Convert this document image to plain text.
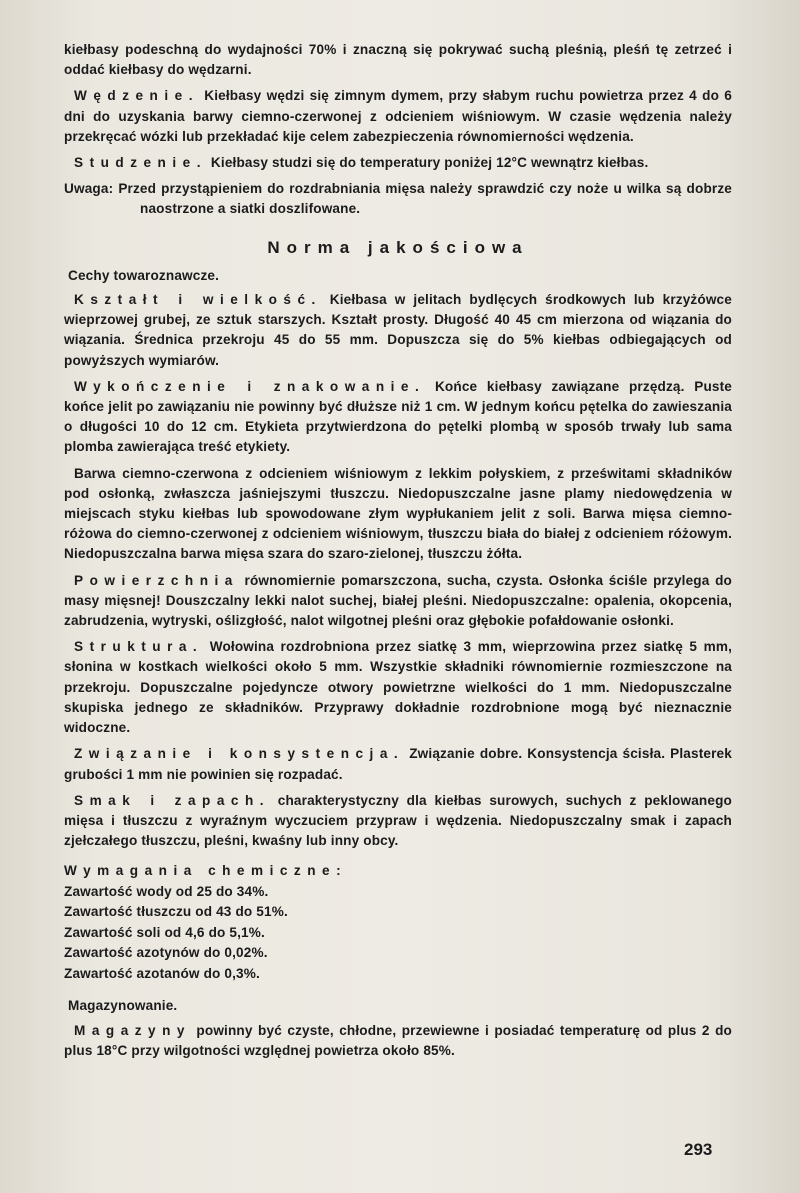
kiełbasy podeschną do wydajności 70% i znaczną się pokrywać suchą pleśnią, pleśń tę zetrzeć i oddać kiełbasy do wędzarni.

Wędzenie. Kiełbasy wędzi się zimnym dymem, przy słabym ruchu powietrza przez 4 do 6 dni do uzyskania barwy ciemno-czerwonej z odcieniem wiśniowym. W czasie wędzenia należy przekręcać wózki lub przekładać kije celem zabezpieczenia równomierności wędzenia.

Studzenie. Kiełbasy studzi się do temperatury poniżej 12°C wewnątrz kiełbas.

Uwaga: Przed przystąpieniem do rozdrabniania mięsa należy sprawdzić czy noże u wilka są dobrze naostrzone a siatki doszlifowane.

Norma jakościowa
Cechy towaroznawcze.

Kształt i wielkość. Kiełbasa w jelitach bydlęcych środkowych lub krzyżówce wieprzowej grubej, ze sztuk starszych. Kształt prosty. Długość 40 45 cm mierzona od wiązania do wiązania. Średnica przekroju 45 do 55 mm. Dopuszcza się do 5% kiełbas odbiegających od powyższych wymiarów.

Wykończenie i znakowanie. Końce kiełbasy zawiązane przędzą. Puste końce jelit po zawiązaniu nie powinny być dłuższe niż 1 cm. W jednym końcu pętelka do zawieszania o długości 10 do 12 cm. Etykieta przytwierdzona do pętelki plombą w sposób trwały lub sama plomba zawierająca treść etykiety.

Barwa ciemno-czerwona z odcieniem wiśniowym z lekkim połyskiem, z prześwitami składników pod osłonką, zwłaszcza jaśniejszymi tłuszczu. Niedopuszczalne jasne plamy niedowędzenia w miejscach styku kiełbas lub spowodowane złym wypłukaniem jelit z soli. Barwa mięsa ciemno-różowa do ciemno-czerwonej z odcieniem wiśniowym, tłuszczu biała do białej z odcieniem różowym. Niedopuszczalna barwa mięsa szara do szaro-zielonej, tłuszczu żółta.

Powierzchnia równomiernie pomarszczona, sucha, czysta. Osłonka ściśle przylega do masy mięsnej! Douszczalny lekki nalot suchej, białej pleśni. Niedopuszczalne: opalenia, okopcenia, zabrudzenia, wytryski, oślizgłość, nalot wilgotnej pleśni oraz głębokie pofałdowanie osłonki.

Struktura. Wołowina rozdrobniona przez siatkę 3 mm, wieprzowina przez siatkę 5 mm, słonina w kostkach wielkości około 5 mm. Wszystkie składniki równomiernie rozmieszczone na przekroju. Dopuszczalne pojedyncze otwory powietrzne wielkości do 1 mm. Niedopuszczalne skupiska jednego ze składników. Przyprawy dokładnie rozdrobnione mogą być nieznacznie widoczne.

Związanie i konsystencja. Związanie dobre. Konsystencja ścisła. Plasterek grubości 1 mm nie powinien się rozpadać.

Smak i zapach. charakterystyczny dla kiełbas surowych, suchych z peklowanego mięsa i tłuszczu z wyraźnym wyczuciem przypraw i wędzenia. Niedopuszczalny smak i zapach zjełczałego tłuszczu, pleśni, kwaśny lub inny obcy.

Wymagania chemiczne:
Zawartość wody od 25 do 34%.
Zawartość tłuszczu od 43 do 51%.
Zawartość soli od 4,6 do 5,1%.
Zawartość azotynów do 0,02%.
Zawartość azotanów do 0,3%.
Magazynowanie.

Magazyny powinny być czyste, chłodne, przewiewne i posiadać temperaturę od plus 2 do plus 18°C przy wilgotności względnej powietrza około 85%.

293
